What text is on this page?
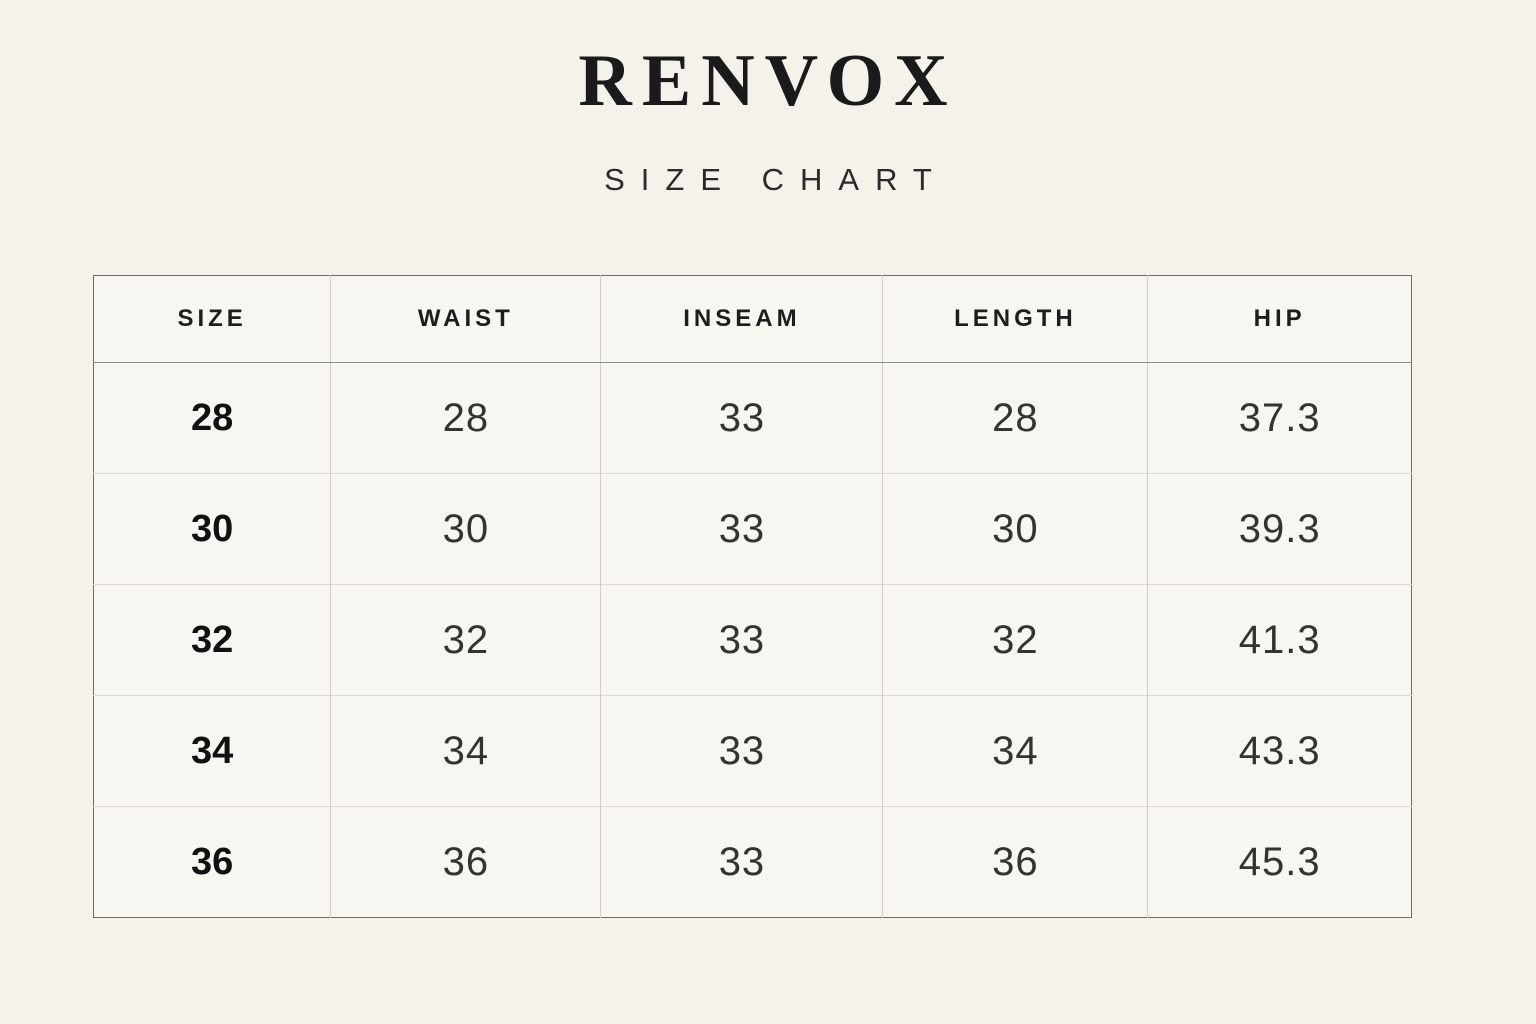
RENVOX
SIZE CHART
SIZE	WAIST	INSEAM	LENGTH	HIP
28	28	33	28	37.3
30	30	33	30	39.3
32	32	33	32	41.3
34	34	33	34	43.3
36	36	33	36	45.3
